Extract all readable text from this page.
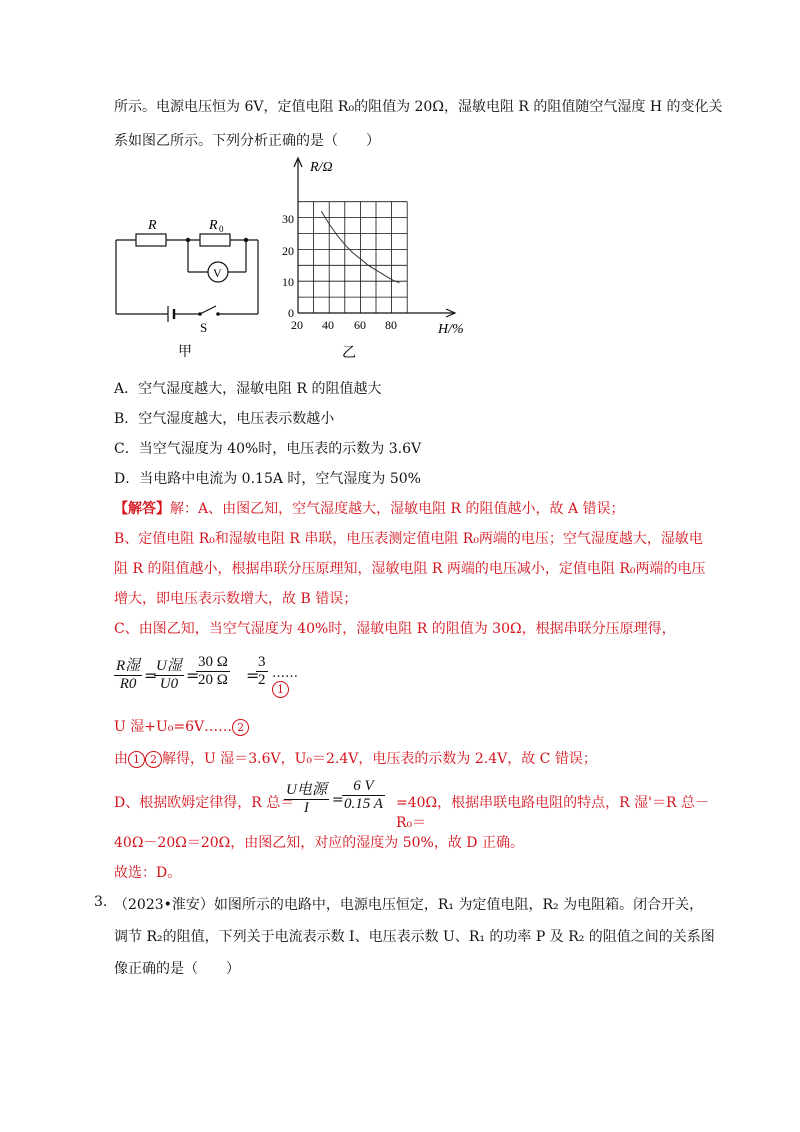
所示。电源电压恒为 6V，定值电阻 R₀的阻值为 20Ω，湿敏电阻 R 的阻值随空气湿度 H 的变化关
系如图乙所示。下列分析正确的是（　　）
R	R 0
V
S
甲
R/Ω
H/%
30
20
10
0
20 40 60 80
乙
A．空气湿度越大，湿敏电阻 R 的阻值越大
B．空气湿度越大，电压表示数越小
C．当空气湿度为 40%时，电压表的示数为 3.6V
D．当电路中电流为 0.15A 时，空气湿度为 50%
【解答】解：A、由图乙知，空气湿度越大，湿敏电阻 R 的阻值越小，故 A 错误；
B、定值电阻 R₀和湿敏电阻 R 串联，电压表测定值电阻 R₀两端的电压；空气湿度越大，湿敏电
阻 R 的阻值越小，根据串联分压原理知，湿敏电阻 R 两端的电压减小，定值电阻 R₀两端的电压
增大，即电压表示数增大，故 B 错误；
C、由图乙知，当空气湿度为 40%时，湿敏电阻 R 的阻值为 30Ω，根据串联分压原理得，
R湿
R0 =
U湿
U0 =
30 Ω
20 Ω =
3
2 ……1
U 湿+U₀=6V…… 2
由 1 2 解得，U 湿＝3.6V，U₀＝2.4V，电压表的示数为 2.4V，故 C 错误；
D、根据欧姆定律得，R 总＝
U电源
I	=
6 V
0.15 A =40Ω，根据串联电路电阻的特点，R 湿'＝R 总－R₀＝
40Ω－20Ω＝20Ω，由图乙知，对应的湿度为 50%，故 D 正确。
故选：D。
3. （2023•淮安）如图所示的电路中，电源电压恒定，R₁ 为定值电阻，R₂ 为电阻箱。闭合开关，
调节 R₂的阻值，下列关于电流表示数 I、电压表示数 U、R₁ 的功率 P 及 R₂ 的阻值之间的关系图
像正确的是（　　）
